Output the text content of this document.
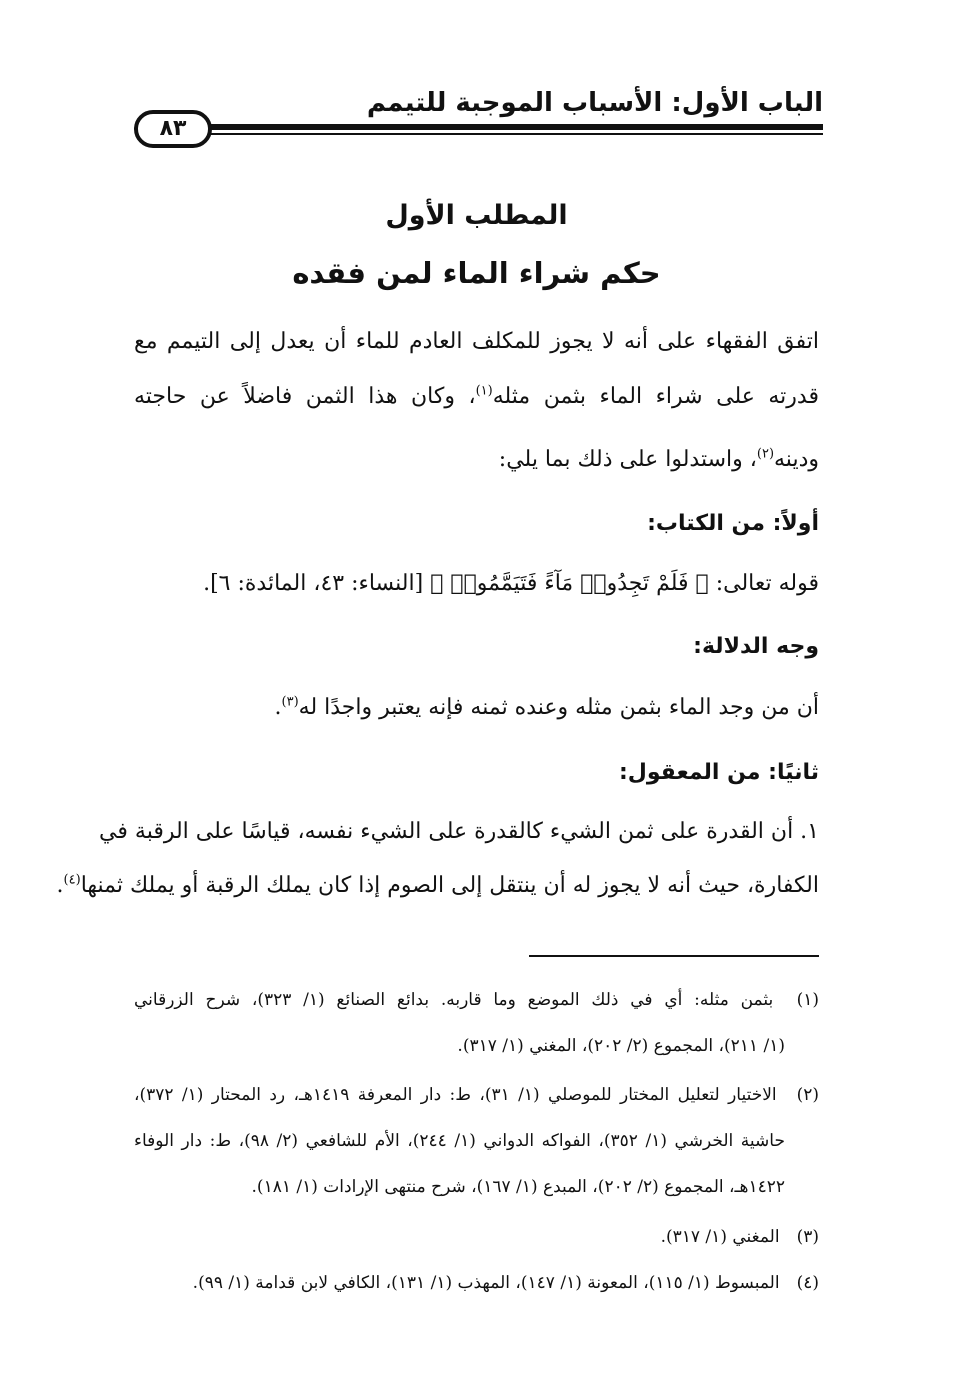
الباب الأول: الأسباب الموجبة للتيمم
٨٣
المطلب الأول
حكم شراء الماء لمن فقده
اتفق الفقهاء على أنه لا يجوز للمكلف العادم للماء أن يعدل إلى التيمم مع
قدرته على شراء الماء بثمن مثله$^{(١)}$، وكان هذا الثمن فاضلاً عن حاجته
ودينه$^{(٢)}$، واستدلوا على ذلك بما يلي:
أولاً: من الكتاب:
قوله تعالى: ﴿ فَلَمْ تَجِدُوا۟ مَآءً فَتَيَمَّمُوا۟ ﴾ [النساء: ٤٣، المائدة: ٦].
وجه الدلالة:
أن من وجد الماء بثمن مثله وعنده ثمنه فإنه يعتبر واجدًا له$^{(٣)}$.
ثانيًا: من المعقول:
١. أن القدرة على ثمن الشيء كالقدرة على الشيء نفسه، قياسًا على الرقبة في
الكفارة، حيث أنه لا يجوز له أن ينتقل إلى الصوم إذا كان يملك الرقبة أو يملك ثمنها$^{(٤)}$.
(١) بثمن مثله: أي في ذلك الموضع وما قاربه. بدائع الصنائع (١/ ٣٢٣)، شرح الزرقاني
(١/ ٢١١)، المجموع (٢/ ٢٠٢)، المغني (١/ ٣١٧).
(٢) الاختيار لتعليل المختار للموصلي (١/ ٣١)، ط: دار المعرفة ١٤١٩هـ، رد المحتار (١/ ٣٧٢)،
حاشية الخرشي (١/ ٣٥٢)، الفواكه الدواني (١/ ٢٤٤)، الأم للشافعي (٢/ ٩٨)، ط: دار الوفاء
١٤٢٢هـ، المجموع (٢/ ٢٠٢)، المبدع (١/ ١٦٧)، شرح منتهى الإرادات (١/ ١٨١).
(٣) المغني (١/ ٣١٧).
(٤) المبسوط (١/ ١١٥)، المعونة (١/ ١٤٧)، المهذب (١/ ١٣١)، الكافي لابن قدامة (١/ ٩٩).
